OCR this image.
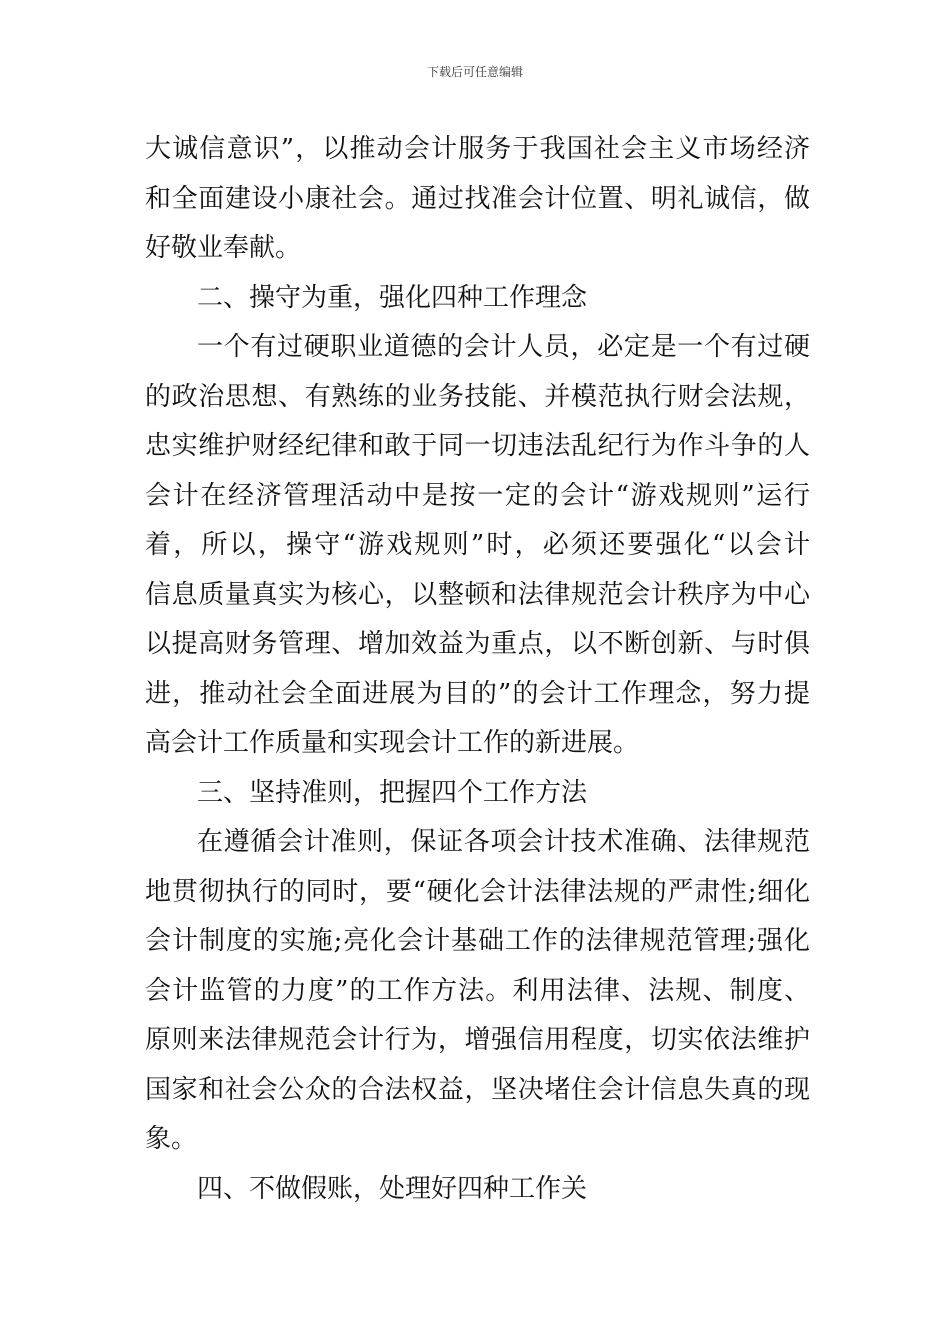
下载后可任意编辑
大诚信意识”，以推动会计服务于我国社会主义市场经济
和全面建设小康社会。通过找准会计位置、明礼诚信，做
好敬业奉献。
二、操守为重，强化四种工作理念
一个有过硬职业道德的会计人员，必定是一个有过硬
的政治思想、有熟练的业务技能、并模范执行财会法规，
忠实维护财经纪律和敢于同一切违法乱纪行为作斗争的人
会计在经济管理活动中是按一定的会计“游戏规则”运行
着，所以，操守“游戏规则”时，必须还要强化“以会计
信息质量真实为核心，以整顿和法律规范会计秩序为中心
以提高财务管理、增加效益为重点，以不断创新、与时俱
进，推动社会全面进展为目的”的会计工作理念，努力提
高会计工作质量和实现会计工作的新进展。
三、坚持准则，把握四个工作方法
在遵循会计准则，保证各项会计技术准确、法律规范
地贯彻执行的同时，要“硬化会计法律法规的严肃性;细化
会计制度的实施;亮化会计基础工作的法律规范管理;强化
会计监管的力度”的工作方法。利用法律、法规、制度、
原则来法律规范会计行为，增强信用程度，切实依法维护
国家和社会公众的合法权益，坚决堵住会计信息失真的现
象。
四、不做假账，处理好四种工作关
